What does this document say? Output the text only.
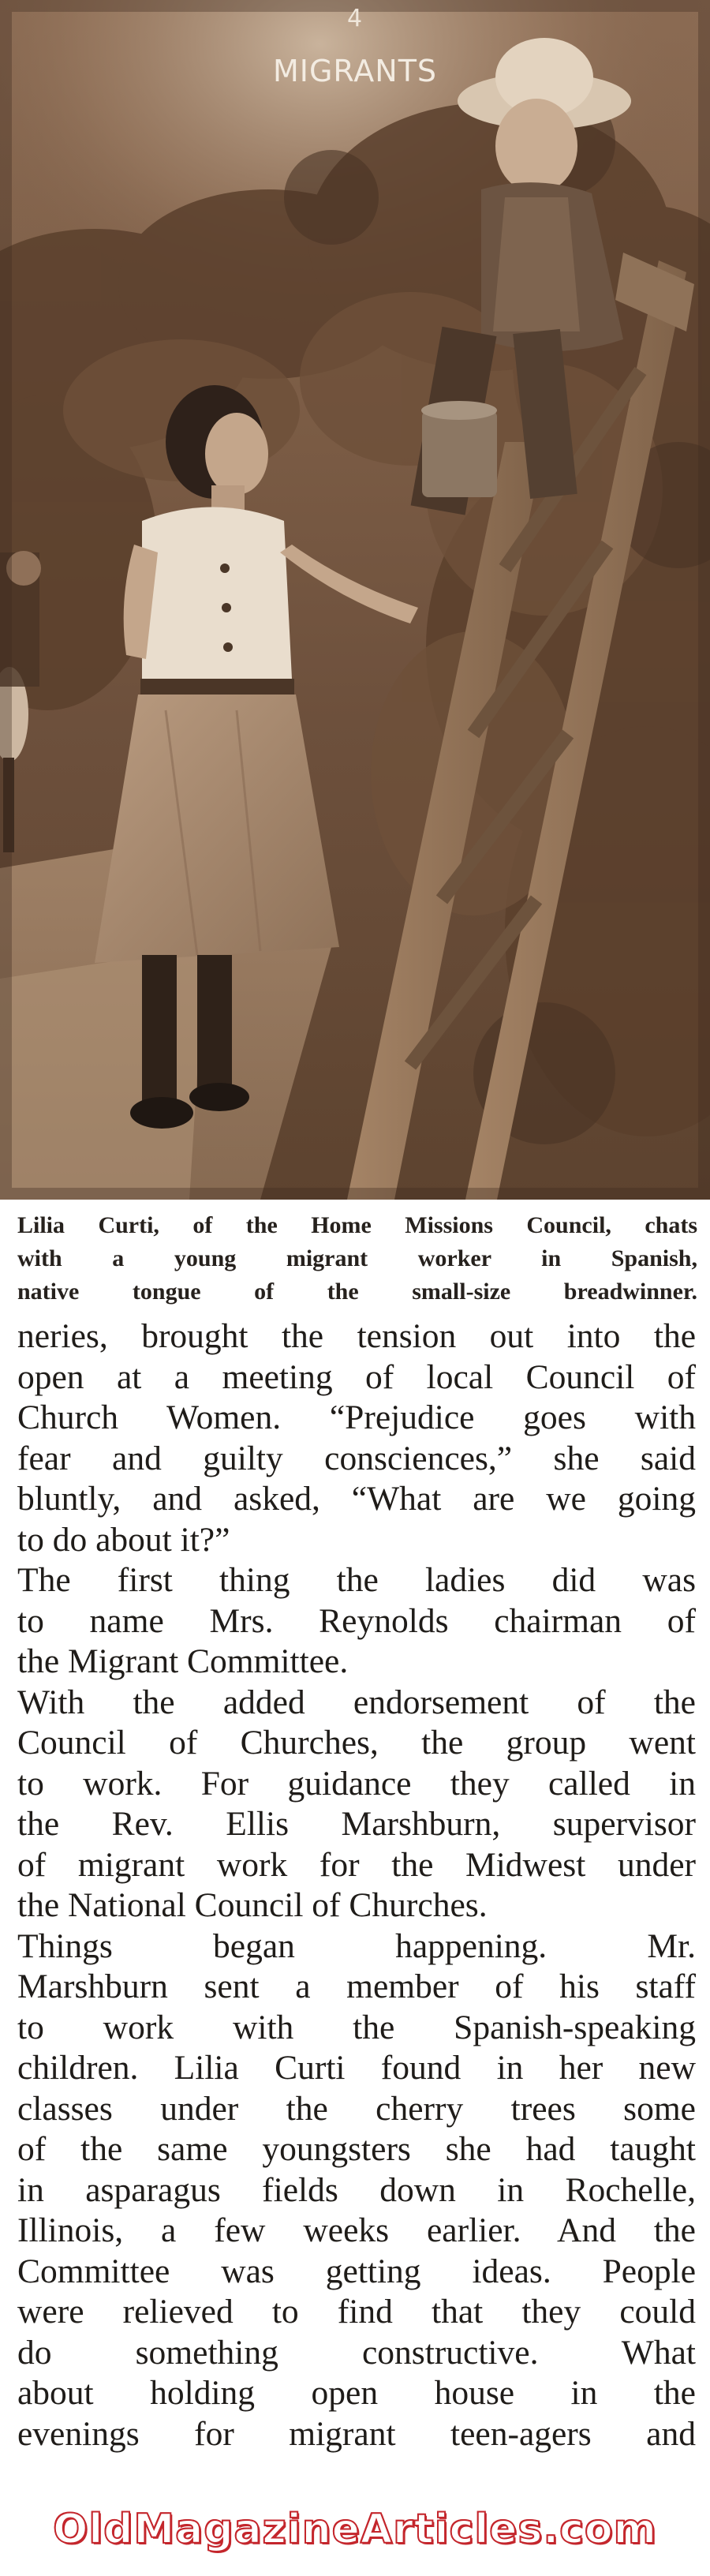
4
MIGRANTS
Lilia Curti, of the Home Missions Council, chats
with a young migrant worker in Spanish,
native tongue of the small-size breadwinner.
neries, brought the tension out into the
open at a meeting of local Council of
Church Women. “Prejudice goes with
fear and guilty consciences,” she said
bluntly, and asked, “What are we going
to do about it?”
The first thing the ladies did was
to name Mrs. Reynolds chairman of
the Migrant Committee.
With the added endorsement of the
Council of Churches, the group went
to work. For guidance they called in
the Rev. Ellis Marshburn, supervisor
of migrant work for the Midwest under
the National Council of Churches.
Things began happening. Mr.
Marshburn sent a member of his staff
to work with the Spanish-speaking
children. Lilia Curti found in her new
classes under the cherry trees some
of the same youngsters she had taught
in asparagus fields down in Rochelle,
Illinois, a few weeks earlier. And the
Committee was getting ideas. People
were relieved to find that they could
do something constructive. What
about holding open house in the
evenings for migrant teen-agers and
OldMagazineArticles.com
